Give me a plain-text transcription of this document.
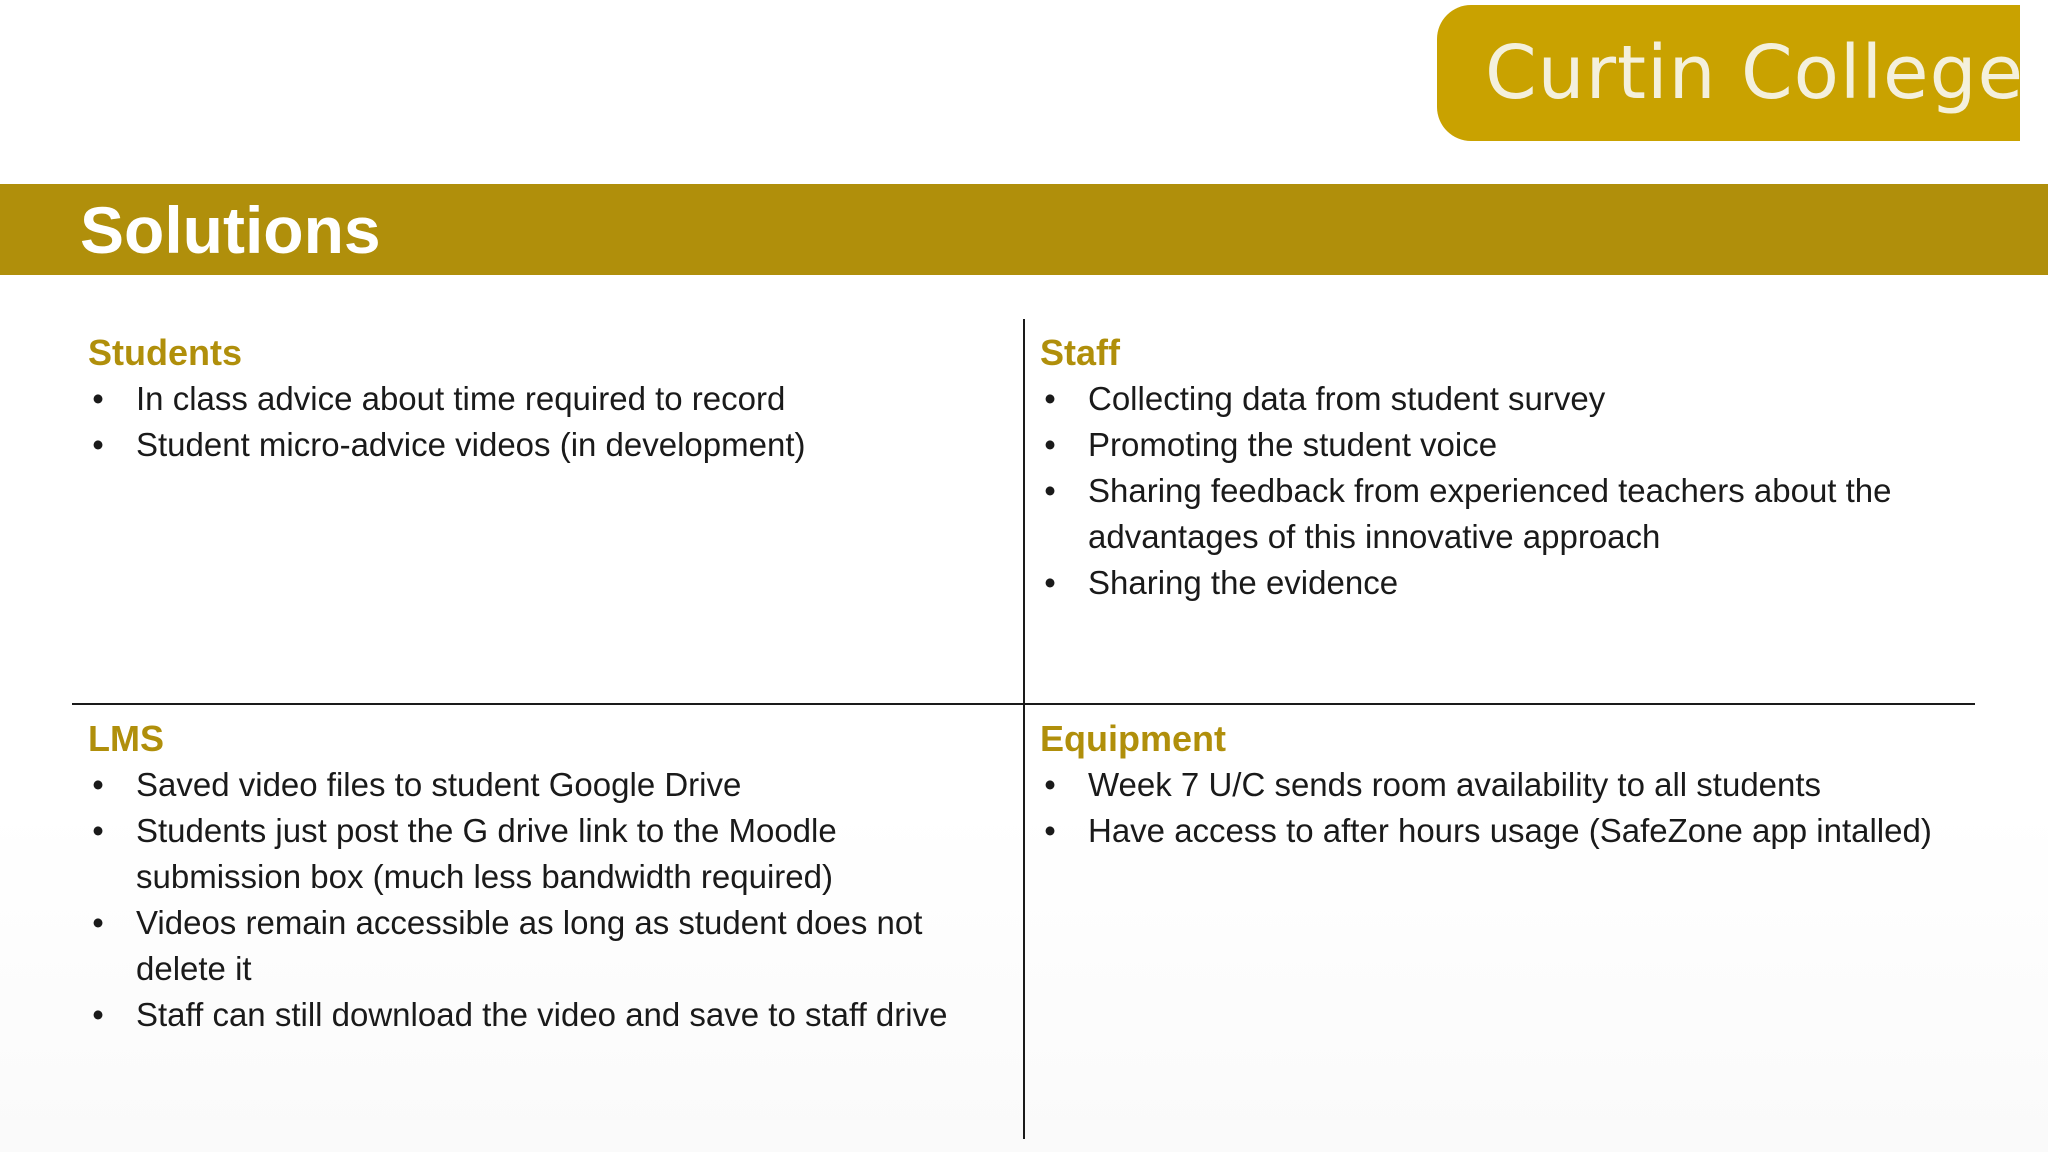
Curtin College
Solutions
Students
• In class advice about time required to record
• Student micro-advice videos (in development)
Staff
• Collecting data from student survey
• Promoting the student voice
• Sharing feedback from experienced teachers about the advantages of this innovative approach
• Sharing the evidence
LMS
• Saved video files to student Google Drive
• Students just post the G drive link to the Moodle submission box (much less bandwidth required)
• Videos remain accessible as long as student does not delete it
• Staff can still download the video and save to staff drive
Equipment
• Week 7 U/C sends room availability to all students
• Have access to after hours usage (SafeZone app intalled)
